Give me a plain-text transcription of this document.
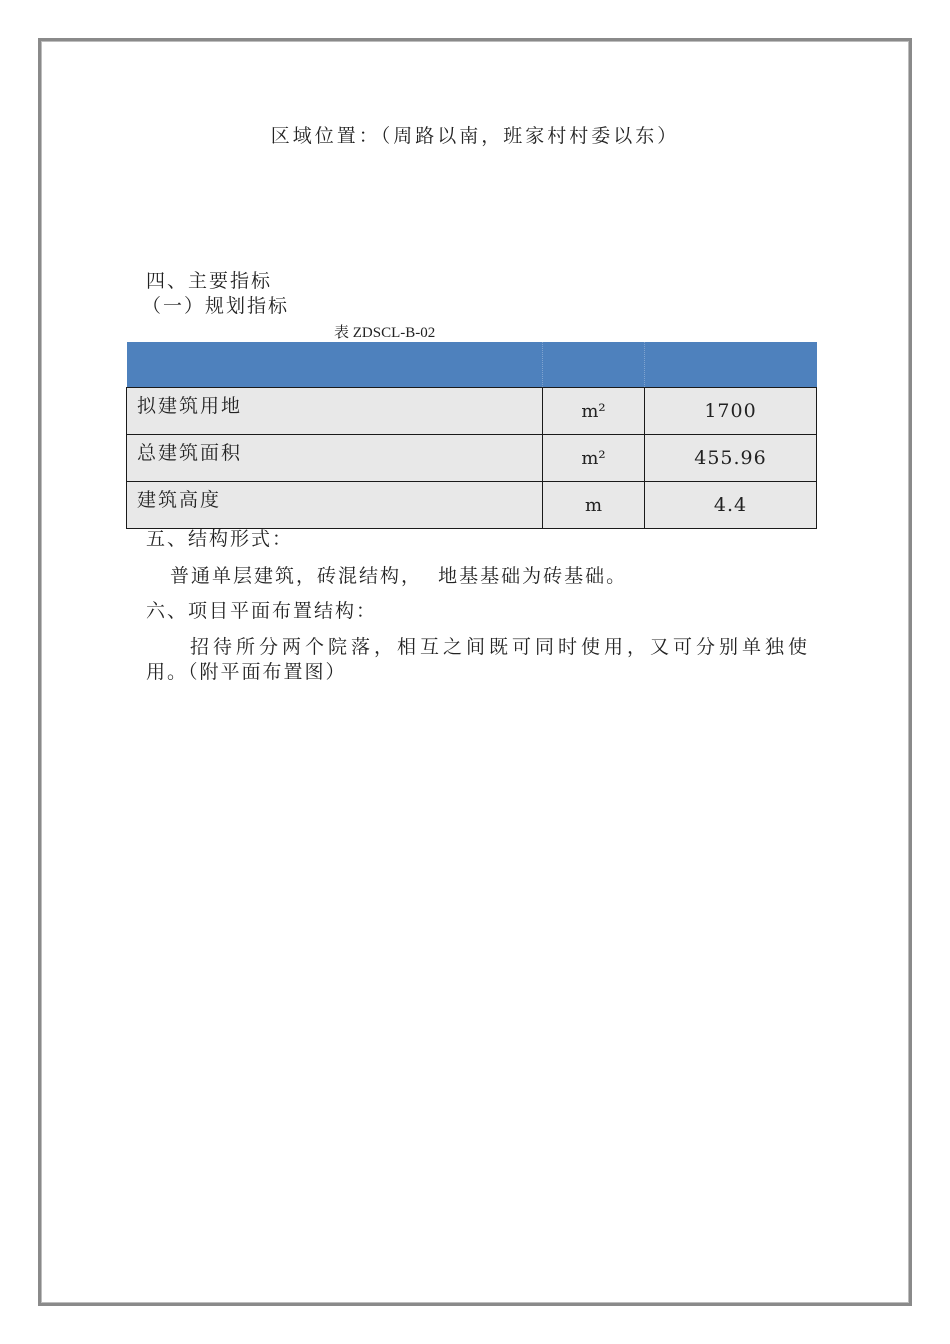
区域位置：（周路以南，班家村村委以东）
四、主要指标
（一）规划指标
表 ZDSCL-B-02

拟建筑用地	m²	1700
总建筑面积	m²	455.96
建筑高度	m	4.4
五、结构形式：
普通单层建筑，砖混结构，  地基基础为砖基础。
六、项目平面布置结构：
招待所分两个院落，相互之间既可同时使用，又可分别单独使
用。（附平面布置图）
